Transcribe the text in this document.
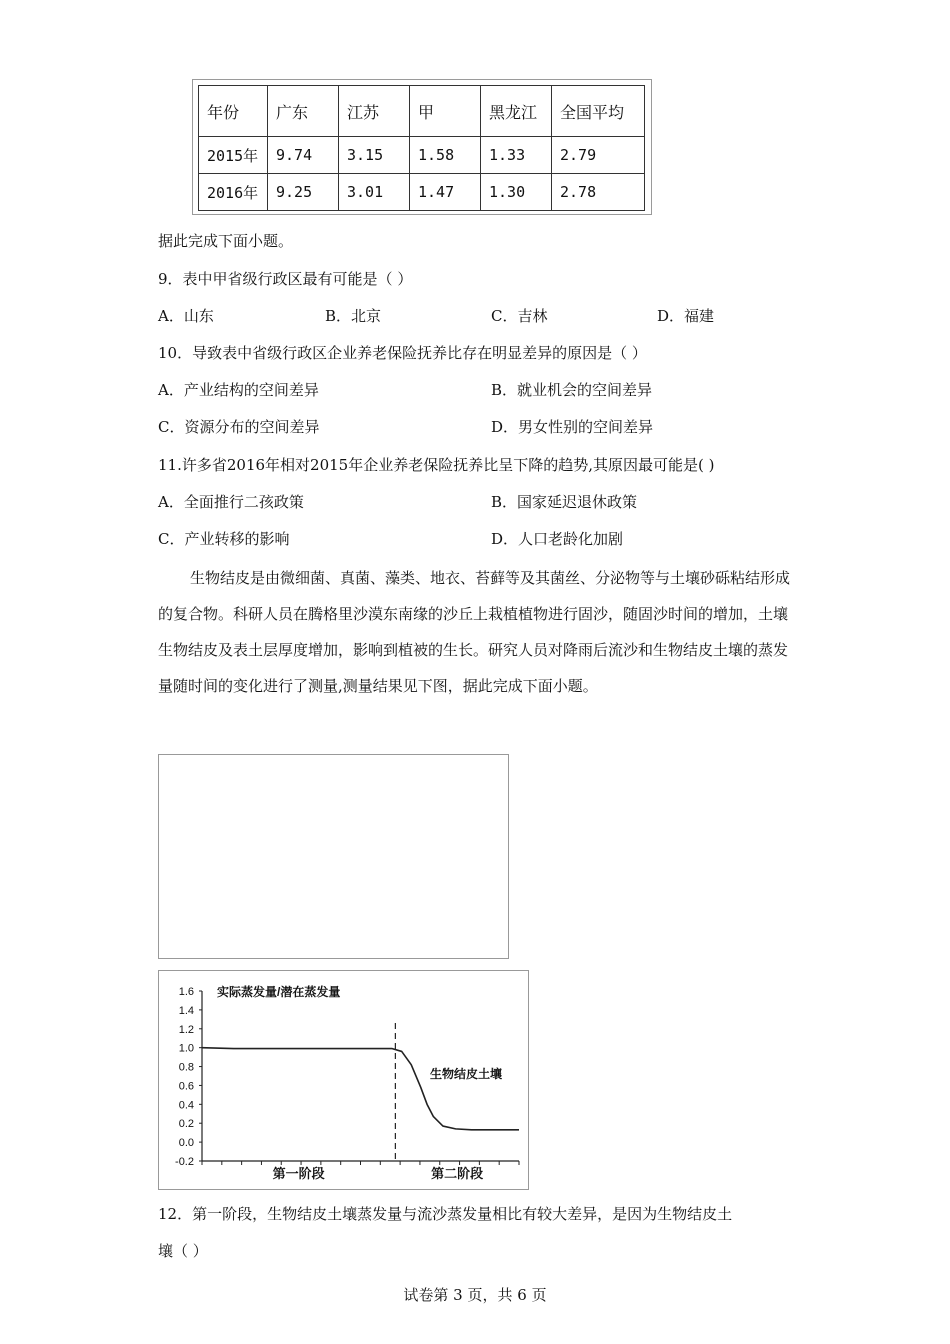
年份	广东	江苏	甲	黑龙江	全国平均
2015年	9.74	3.15	1.58	1.33	2.79
2016年	9.25	3.01	1.47	1.30	2.78
据此完成下面小题。
9．表中甲省级行政区最有可能是（ ）
A．山东	B．北京	C．吉林	D．福建
10．导致表中省级行政区企业养老保险抚养比存在明显差异的原因是（ ）
A．产业结构的空间差异	B．就业机会的空间差异
C．资源分布的空间差异	D．男女性别的空间差异
11.许多省2016年相对2015年企业养老保险抚养比呈下降的趋势,其原因最可能是( )
A．全面推行二孩政策	B．国家延迟退休政策
C．产业转移的影响	D．人口老龄化加剧
生物结皮是由微细菌、真菌、藻类、地衣、苔藓等及其菌丝、分泌物等与土壤砂砾粘结形成的复合物。科研人员在腾格里沙漠东南缘的沙丘上栽植植物进行固沙，随固沙时间的增加，土壤生物结皮及表土层厚度增加，影响到植被的生长。研究人员对降雨后流沙和生物结皮土壤的蒸发量随时间的变化进行了测量,测量结果见下图，据此完成下面小题。
1.6
1.4
1.2
1.0
0.8
0.6
0.4
0.2
0.0
-0.2
实际蒸发量/潜在蒸发量
第一阶段	第二阶段
生物结皮土壤
12．第一阶段，生物结皮土壤蒸发量与流沙蒸发量相比有较大差异，是因为生物结皮土
壤（ ）
试卷第 3 页，共 6 页
